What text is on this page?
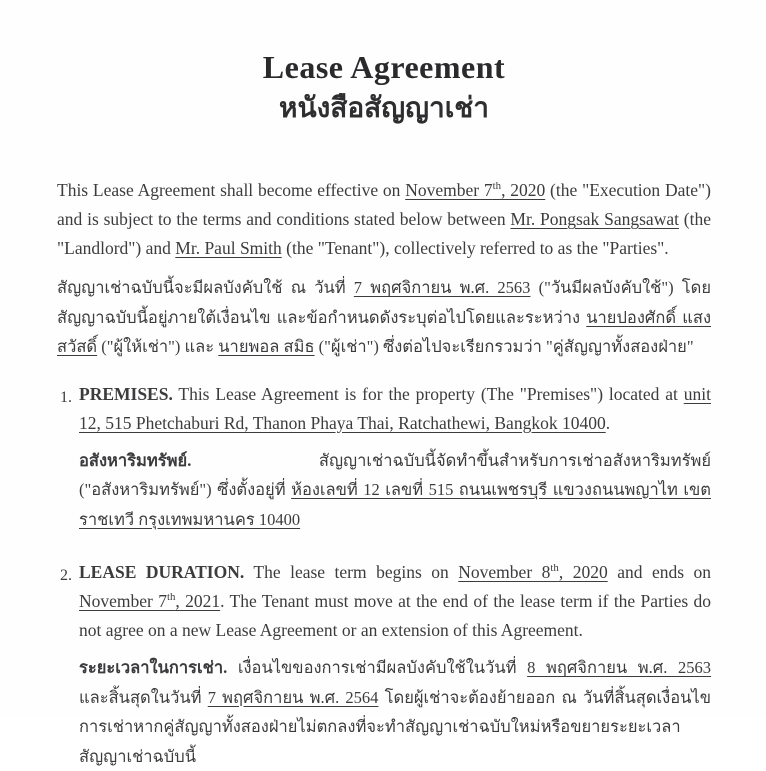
Lease Agreement
หนังสือสัญญาเช่า

This Lease Agreement shall become effective on November 7th, 2020 (the "Execution Date") and is subject to the terms and conditions stated below between Mr. Pongsak Sangsawat (the "Landlord") and Mr. Paul Smith (the "Tenant"), collectively referred to as the "Parties".

สัญญาเช่าฉบับนี้จะมีผลบังคับใช้ ณ วันที่ 7 พฤศจิกายน พ.ศ. 2563 ("วันมีผลบังคับใช้") โดยสัญญาฉบับนี้อยู่ภายใต้เงื่อนไข และข้อกำหนดดังระบุต่อไปโดยและระหว่าง นายปองศักดิ์ แสงสวัสดิ์ ("ผู้ให้เช่า") และ นายพอล สมิธ ("ผู้เช่า") ซึ่งต่อไปจะเรียกรวมว่า "คู่สัญญาทั้งสองฝ่าย"

1. PREMISES. This Lease Agreement is for the property (The "Premises") located at unit 12, 515 Phetchaburi Rd, Thanon Phaya Thai, Ratchathewi, Bangkok 10400.

อสังหาริมทรัพย์. สัญญาเช่าฉบับนี้จัดทำขึ้นสำหรับการเช่าอสังหาริมทรัพย์ ("อสังหาริมทรัพย์") ซึ่งตั้งอยู่ที่ ห้องเลขที่ 12 เลขที่ 515 ถนนเพชรบุรี แขวงถนนพญาไท เขตราชเทวี กรุงเทพมหานคร 10400

2. LEASE DURATION. The lease term begins on November 8th, 2020 and ends on November 7th, 2021. The Tenant must move at the end of the lease term if the Parties do not agree on a new Lease Agreement or an extension of this Agreement.

ระยะเวลาในการเช่า. เงื่อนไขของการเช่ามีผลบังคับใช้ในวันที่ 8 พฤศจิกายน พ.ศ. 2563 และสิ้นสุดในวันที่ 7 พฤศจิกายน พ.ศ. 2564 โดยผู้เช่าจะต้องย้ายออก ณ วันที่สิ้นสุดเงื่อนไขการเช่าหากคู่สัญญาทั้งสองฝ่ายไม่ตกลงที่จะทำสัญญาเช่าฉบับใหม่หรือขยายระยะเวลาสัญญาเช่าฉบับนี้
